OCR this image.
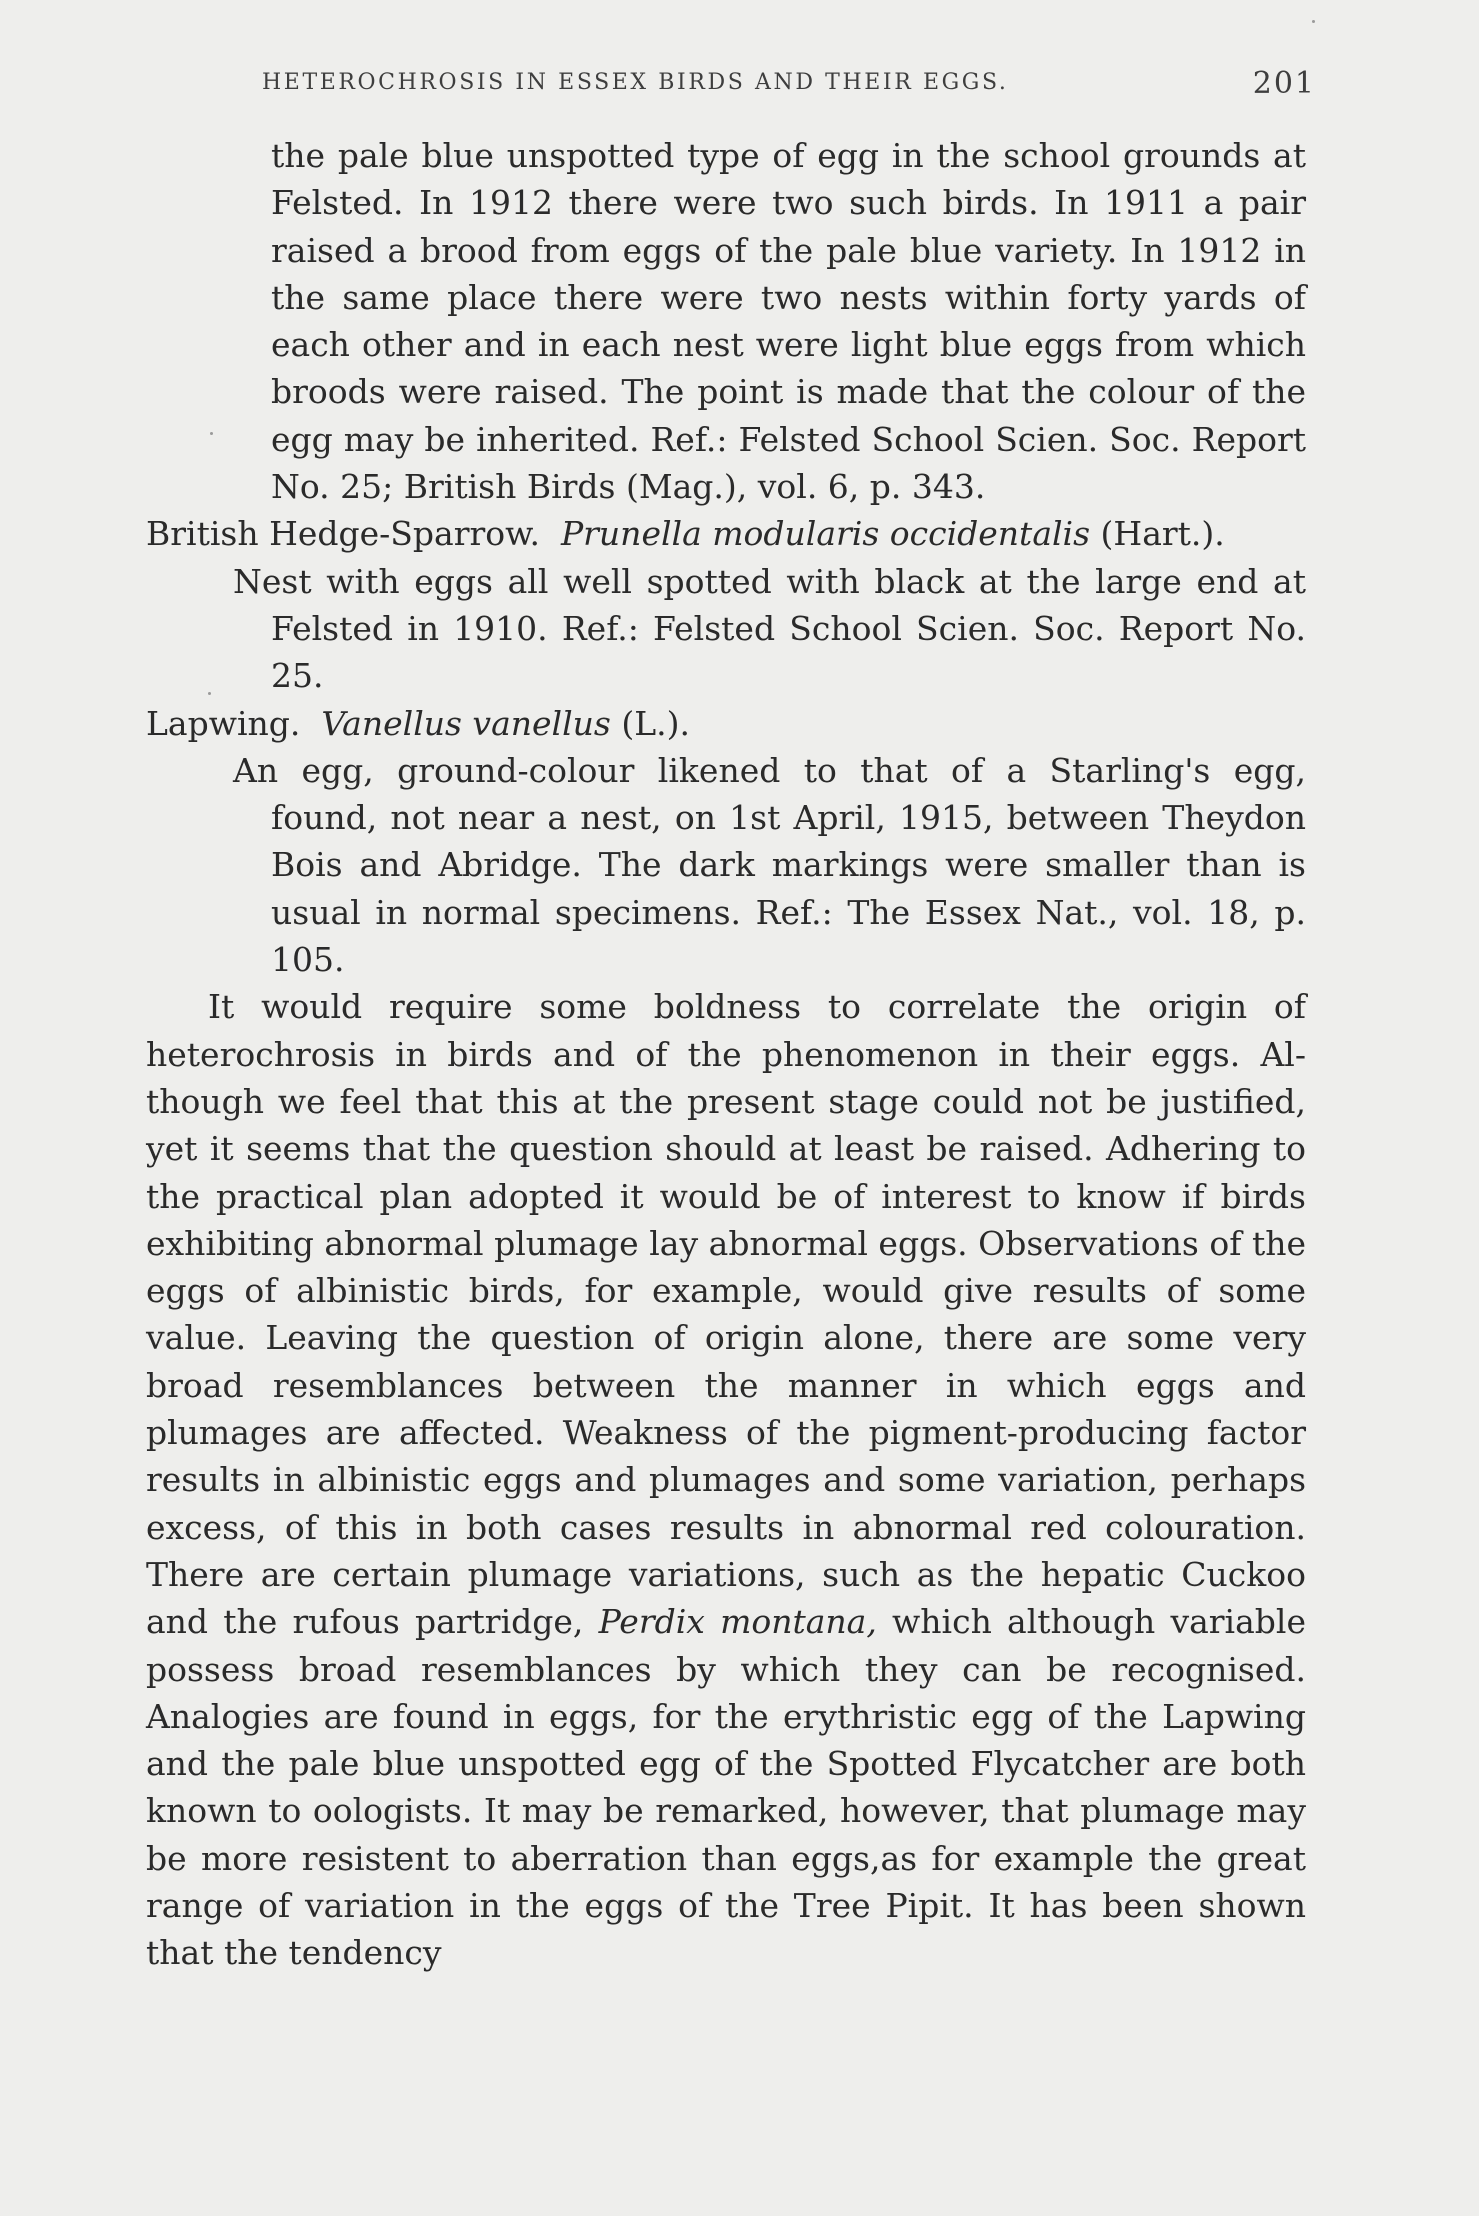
HETEROCHROSIS IN ESSEX BIRDS AND THEIR EGGS.	201

the pale blue unspotted type of egg in the school grounds at Felsted. In 1912 there were two such birds. In 1911 a pair raised a brood from eggs of the pale blue variety. In 1912 in the same place there were two nests within forty yards of each other and in each nest were light blue eggs from which broods were raised. The point is made that the colour of the egg may be inherited. Ref.: Felsted School Scien. Soc. Report No. 25; British Birds (Mag.), vol. 6, p. 343.

British Hedge-Sparrow. Prunella modularis occidentalis (Hart.).

Nest with eggs all well spotted with black at the large end at Felsted in 1910. Ref.: Felsted School Scien. Soc. Report No. 25.

Lapwing. Vanellus vanellus (L.).

An egg, ground-colour likened to that of a Starling's egg, found, not near a nest, on 1st April, 1915, between Theydon Bois and Abridge. The dark markings were smaller than is usual in normal specimens. Ref.: The Essex Nat., vol. 18, p. 105.

It would require some boldness to correlate the origin of heterochrosis in birds and of the phenomenon in their eggs. Although we feel that this at the present stage could not be justified, yet it seems that the question should at least be raised. Adhering to the practical plan adopted it would be of interest to know if birds exhibiting abnormal plumage lay abnormal eggs. Observations of the eggs of albinistic birds, for example, would give results of some value. Leaving the question of origin alone, there are some very broad resemblances between the manner in which eggs and plumages are affected. Weakness of the pigment-producing factor results in albinistic eggs and plumages and some variation, perhaps excess, of this in both cases results in abnormal red colouration. There are certain plumage variations, such as the hepatic Cuckoo and the rufous partridge, Perdix montana, which although variable possess broad resemblances by which they can be recognised. Analogies are found in eggs, for the erythristic egg of the Lapwing and the pale blue unspotted egg of the Spotted Flycatcher are both known to oologists. It may be remarked, however, that plumage may be more resistent to aberration than eggs,as for example the great range of variation in the eggs of the Tree Pipit. It has been shown that the tendency
